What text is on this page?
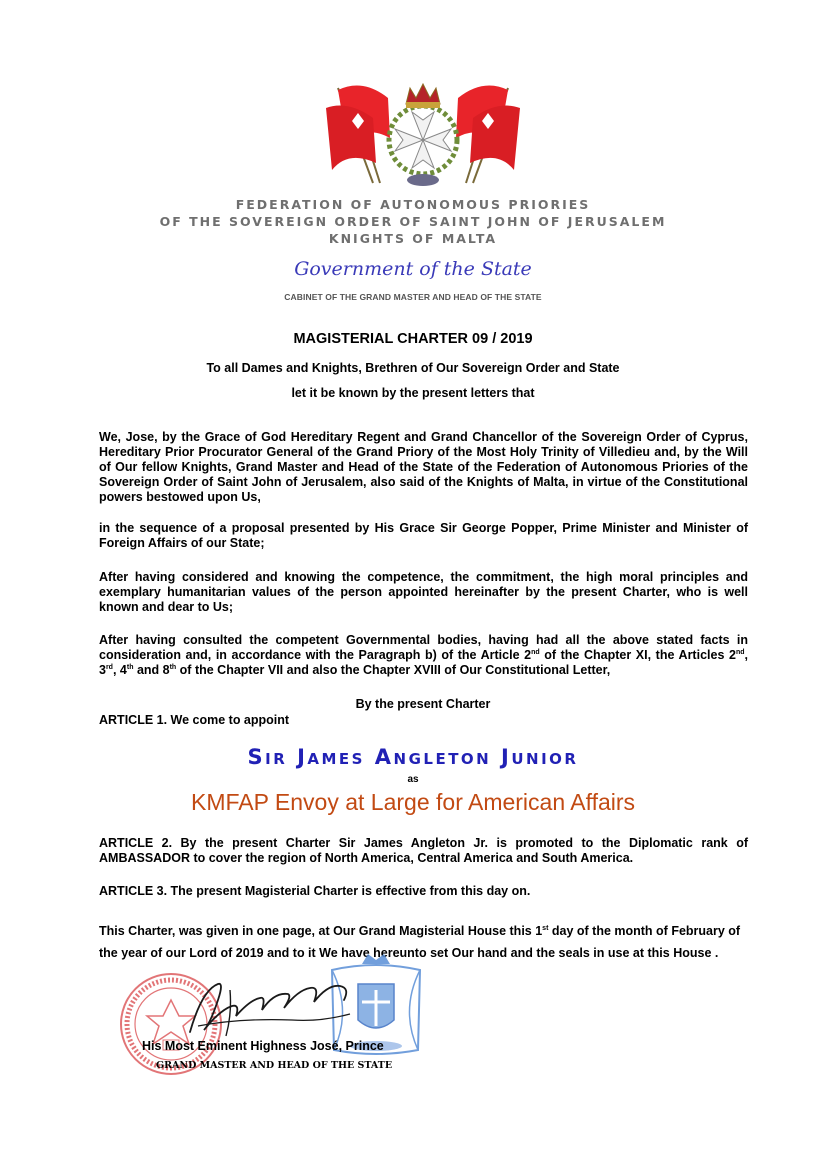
FEDERATION OF AUTONOMOUS PRIORIES
OF THE SOVEREIGN ORDER OF SAINT JOHN OF JERUSALEM
KNIGHTS OF MALTA
Government of the State
CABINET OF THE GRAND MASTER AND HEAD OF THE STATE
MAGISTERIAL CHARTER 09 / 2019
To all Dames and Knights, Brethren of Our Sovereign Order and State
let it be known by the present letters that

We, Jose, by the Grace of God Hereditary Regent and Grand Chancellor of the Sovereign Order of Cyprus, Hereditary Prior Procurator General of the Grand Priory of the Most Holy Trinity of Villedieu and, by the Will of Our fellow Knights, Grand Master and Head of the State of the Federation of Autonomous Priories of the Sovereign Order of Saint John of Jerusalem, also said of the Knights of Malta, in virtue of the Constitutional powers bestowed upon Us,

in the sequence of a proposal presented by His Grace Sir George Popper, Prime Minister and Minister of Foreign Affairs of our State;

After having considered and knowing the competence, the commitment, the high moral principles and exemplary humanitarian values of the person appointed hereinafter by the present Charter, who is well known and dear to Us;

After having consulted the competent Governmental bodies, having had all the above stated facts in consideration and, in accordance with the Paragraph b) of the Article 2nd of the Chapter XI, the Articles 2nd, 3rd, 4th and 8th of the Chapter VII and also the Chapter XVIII of Our Constitutional Letter,

By the present Charter
ARTICLE 1. We come to appoint
Sir James Angleton Junior
as
KMFAP Envoy at Large for American Affairs

ARTICLE 2. By the present Charter Sir James Angleton Jr. is promoted to the Diplomatic rank of AMBASSADOR to cover the region of North America, Central America and South America.

ARTICLE 3. The present Magisterial Charter is effective from this day on.

This Charter, was given in one page, at Our Grand Magisterial House this 1st day of the month of February of the year of our Lord of 2019 and to it We have hereunto set Our hand and the seals in use at this House .

His Most Eminent Highness José, Prince
GRAND MASTER AND HEAD OF THE STATE
